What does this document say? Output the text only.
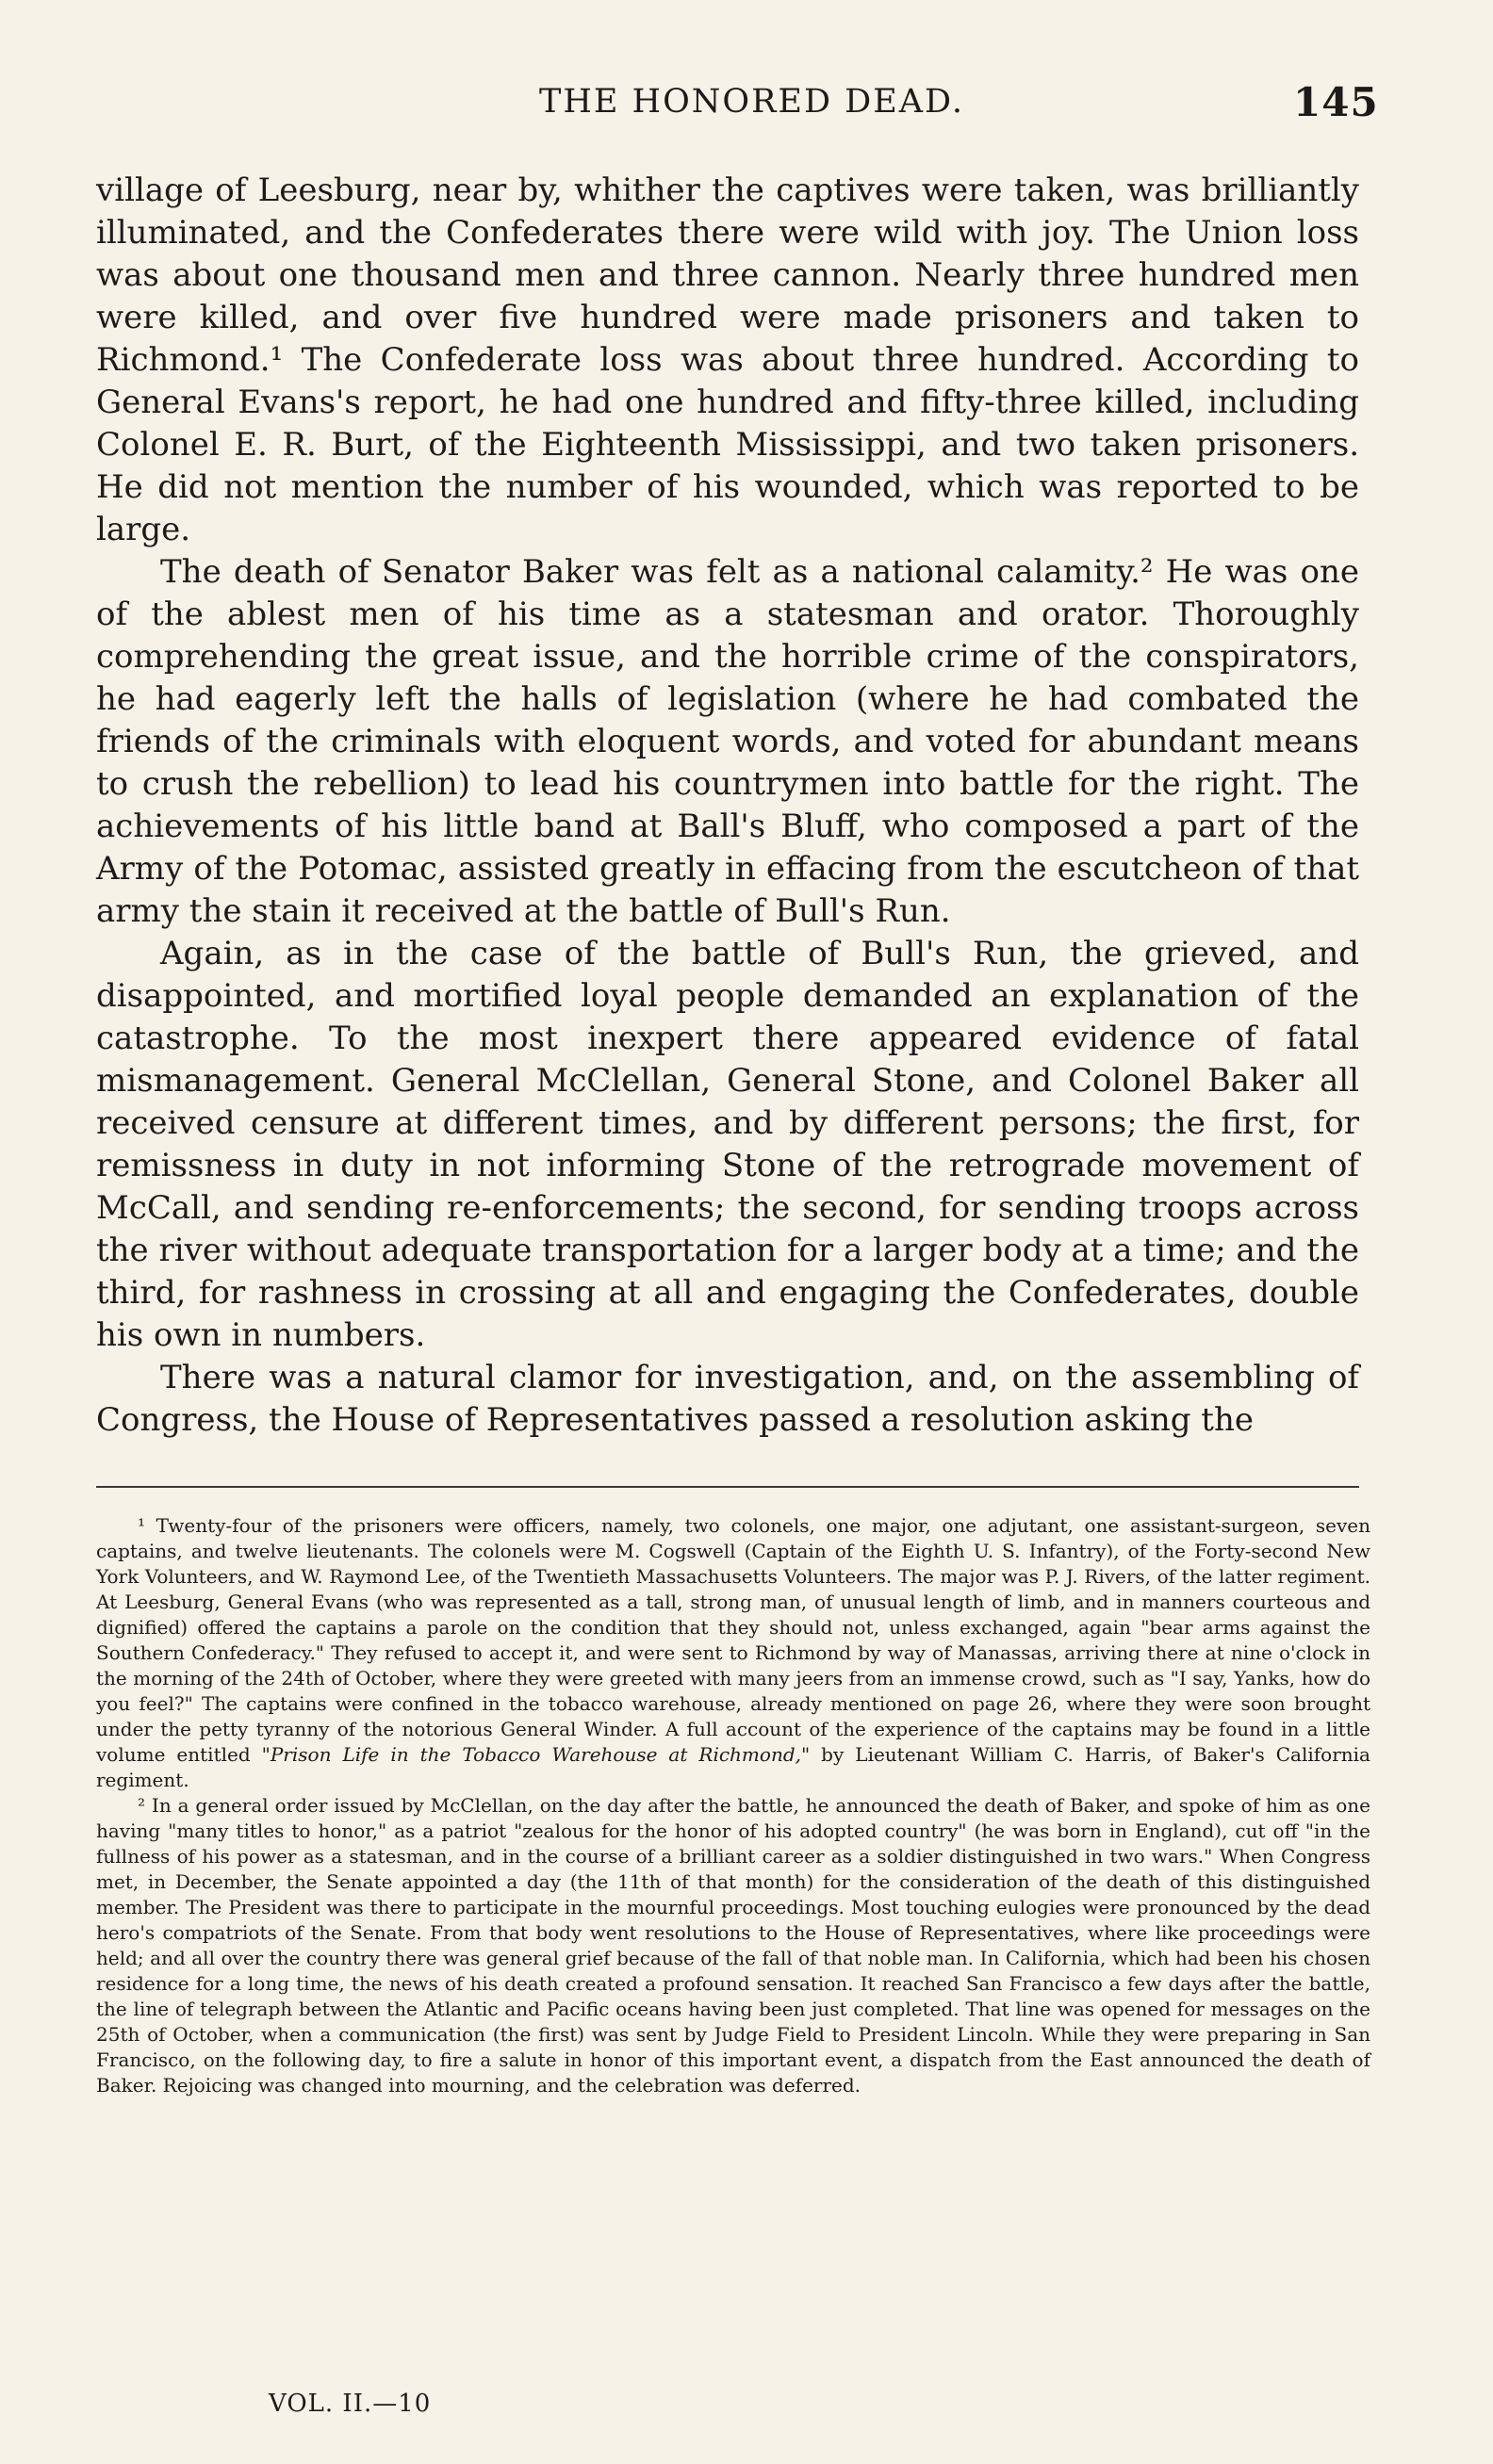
THE HONORED DEAD.	145

village of Leesburg, near by, whither the captives were taken, was brilliantly illuminated, and the Confederates there were wild with joy. The Union loss was about one thousand men and three cannon. Nearly three hundred men were killed, and over five hundred were made prisoners and taken to Richmond.¹ The Confederate loss was about three hundred. According to General Evans's report, he had one hundred and fifty-three killed, including Colonel E. R. Burt, of the Eighteenth Mississippi, and two taken prisoners. He did not mention the number of his wounded, which was reported to be large.

The death of Senator Baker was felt as a national calamity.² He was one of the ablest men of his time as a statesman and orator. Thoroughly comprehending the great issue, and the horrible crime of the conspirators, he had eagerly left the halls of legislation (where he had combated the friends of the criminals with eloquent words, and voted for abundant means to crush the rebellion) to lead his countrymen into battle for the right. The achievements of his little band at Ball's Bluff, who composed a part of the Army of the Potomac, assisted greatly in effacing from the escutcheon of that army the stain it received at the battle of Bull's Run.

Again, as in the case of the battle of Bull's Run, the grieved, and disappointed, and mortified loyal people demanded an explanation of the catastrophe. To the most inexpert there appeared evidence of fatal mismanagement. General McClellan, General Stone, and Colonel Baker all received censure at different times, and by different persons; the first, for remissness in duty in not informing Stone of the retrograde movement of McCall, and sending re-enforcements; the second, for sending troops across the river without adequate transportation for a larger body at a time; and the third, for rashness in crossing at all and engaging the Confederates, double his own in numbers.

There was a natural clamor for investigation, and, on the assembling of Congress, the House of Representatives passed a resolution asking the

¹ Twenty-four of the prisoners were officers, namely, two colonels, one major, one adjutant, one assistant-surgeon, seven captains, and twelve lieutenants. The colonels were M. Cogswell (Captain of the Eighth U. S. Infantry), of the Forty-second New York Volunteers, and W. Raymond Lee, of the Twentieth Massachusetts Volunteers. The major was P. J. Rivers, of the latter regiment. At Leesburg, General Evans (who was represented as a tall, strong man, of unusual length of limb, and in manners courteous and dignified) offered the captains a parole on the condition that they should not, unless exchanged, again "bear arms against the Southern Confederacy." They refused to accept it, and were sent to Richmond by way of Manassas, arriving there at nine o'clock in the morning of the 24th of October, where they were greeted with many jeers from an immense crowd, such as "I say, Yanks, how do you feel?" The captains were confined in the tobacco warehouse, already mentioned on page 26, where they were soon brought under the petty tyranny of the notorious General Winder. A full account of the experience of the captains may be found in a little volume entitled "Prison Life in the Tobacco Warehouse at Richmond," by Lieutenant William C. Harris, of Baker's California regiment.

² In a general order issued by McClellan, on the day after the battle, he announced the death of Baker, and spoke of him as one having "many titles to honor," as a patriot "zealous for the honor of his adopted country" (he was born in England), cut off "in the fullness of his power as a statesman, and in the course of a brilliant career as a soldier distinguished in two wars." When Congress met, in December, the Senate appointed a day (the 11th of that month) for the consideration of the death of this distinguished member. The President was there to participate in the mournful proceedings. Most touching eulogies were pronounced by the dead hero's compatriots of the Senate. From that body went resolutions to the House of Representatives, where like proceedings were held; and all over the country there was general grief because of the fall of that noble man. In California, which had been his chosen residence for a long time, the news of his death created a profound sensation. It reached San Francisco a few days after the battle, the line of telegraph between the Atlantic and Pacific oceans having been just completed. That line was opened for messages on the 25th of October, when a communication (the first) was sent by Judge Field to President Lincoln. While they were preparing in San Francisco, on the following day, to fire a salute in honor of this important event, a dispatch from the East announced the death of Baker. Rejoicing was changed into mourning, and the celebration was deferred.

VOL. II.—10
